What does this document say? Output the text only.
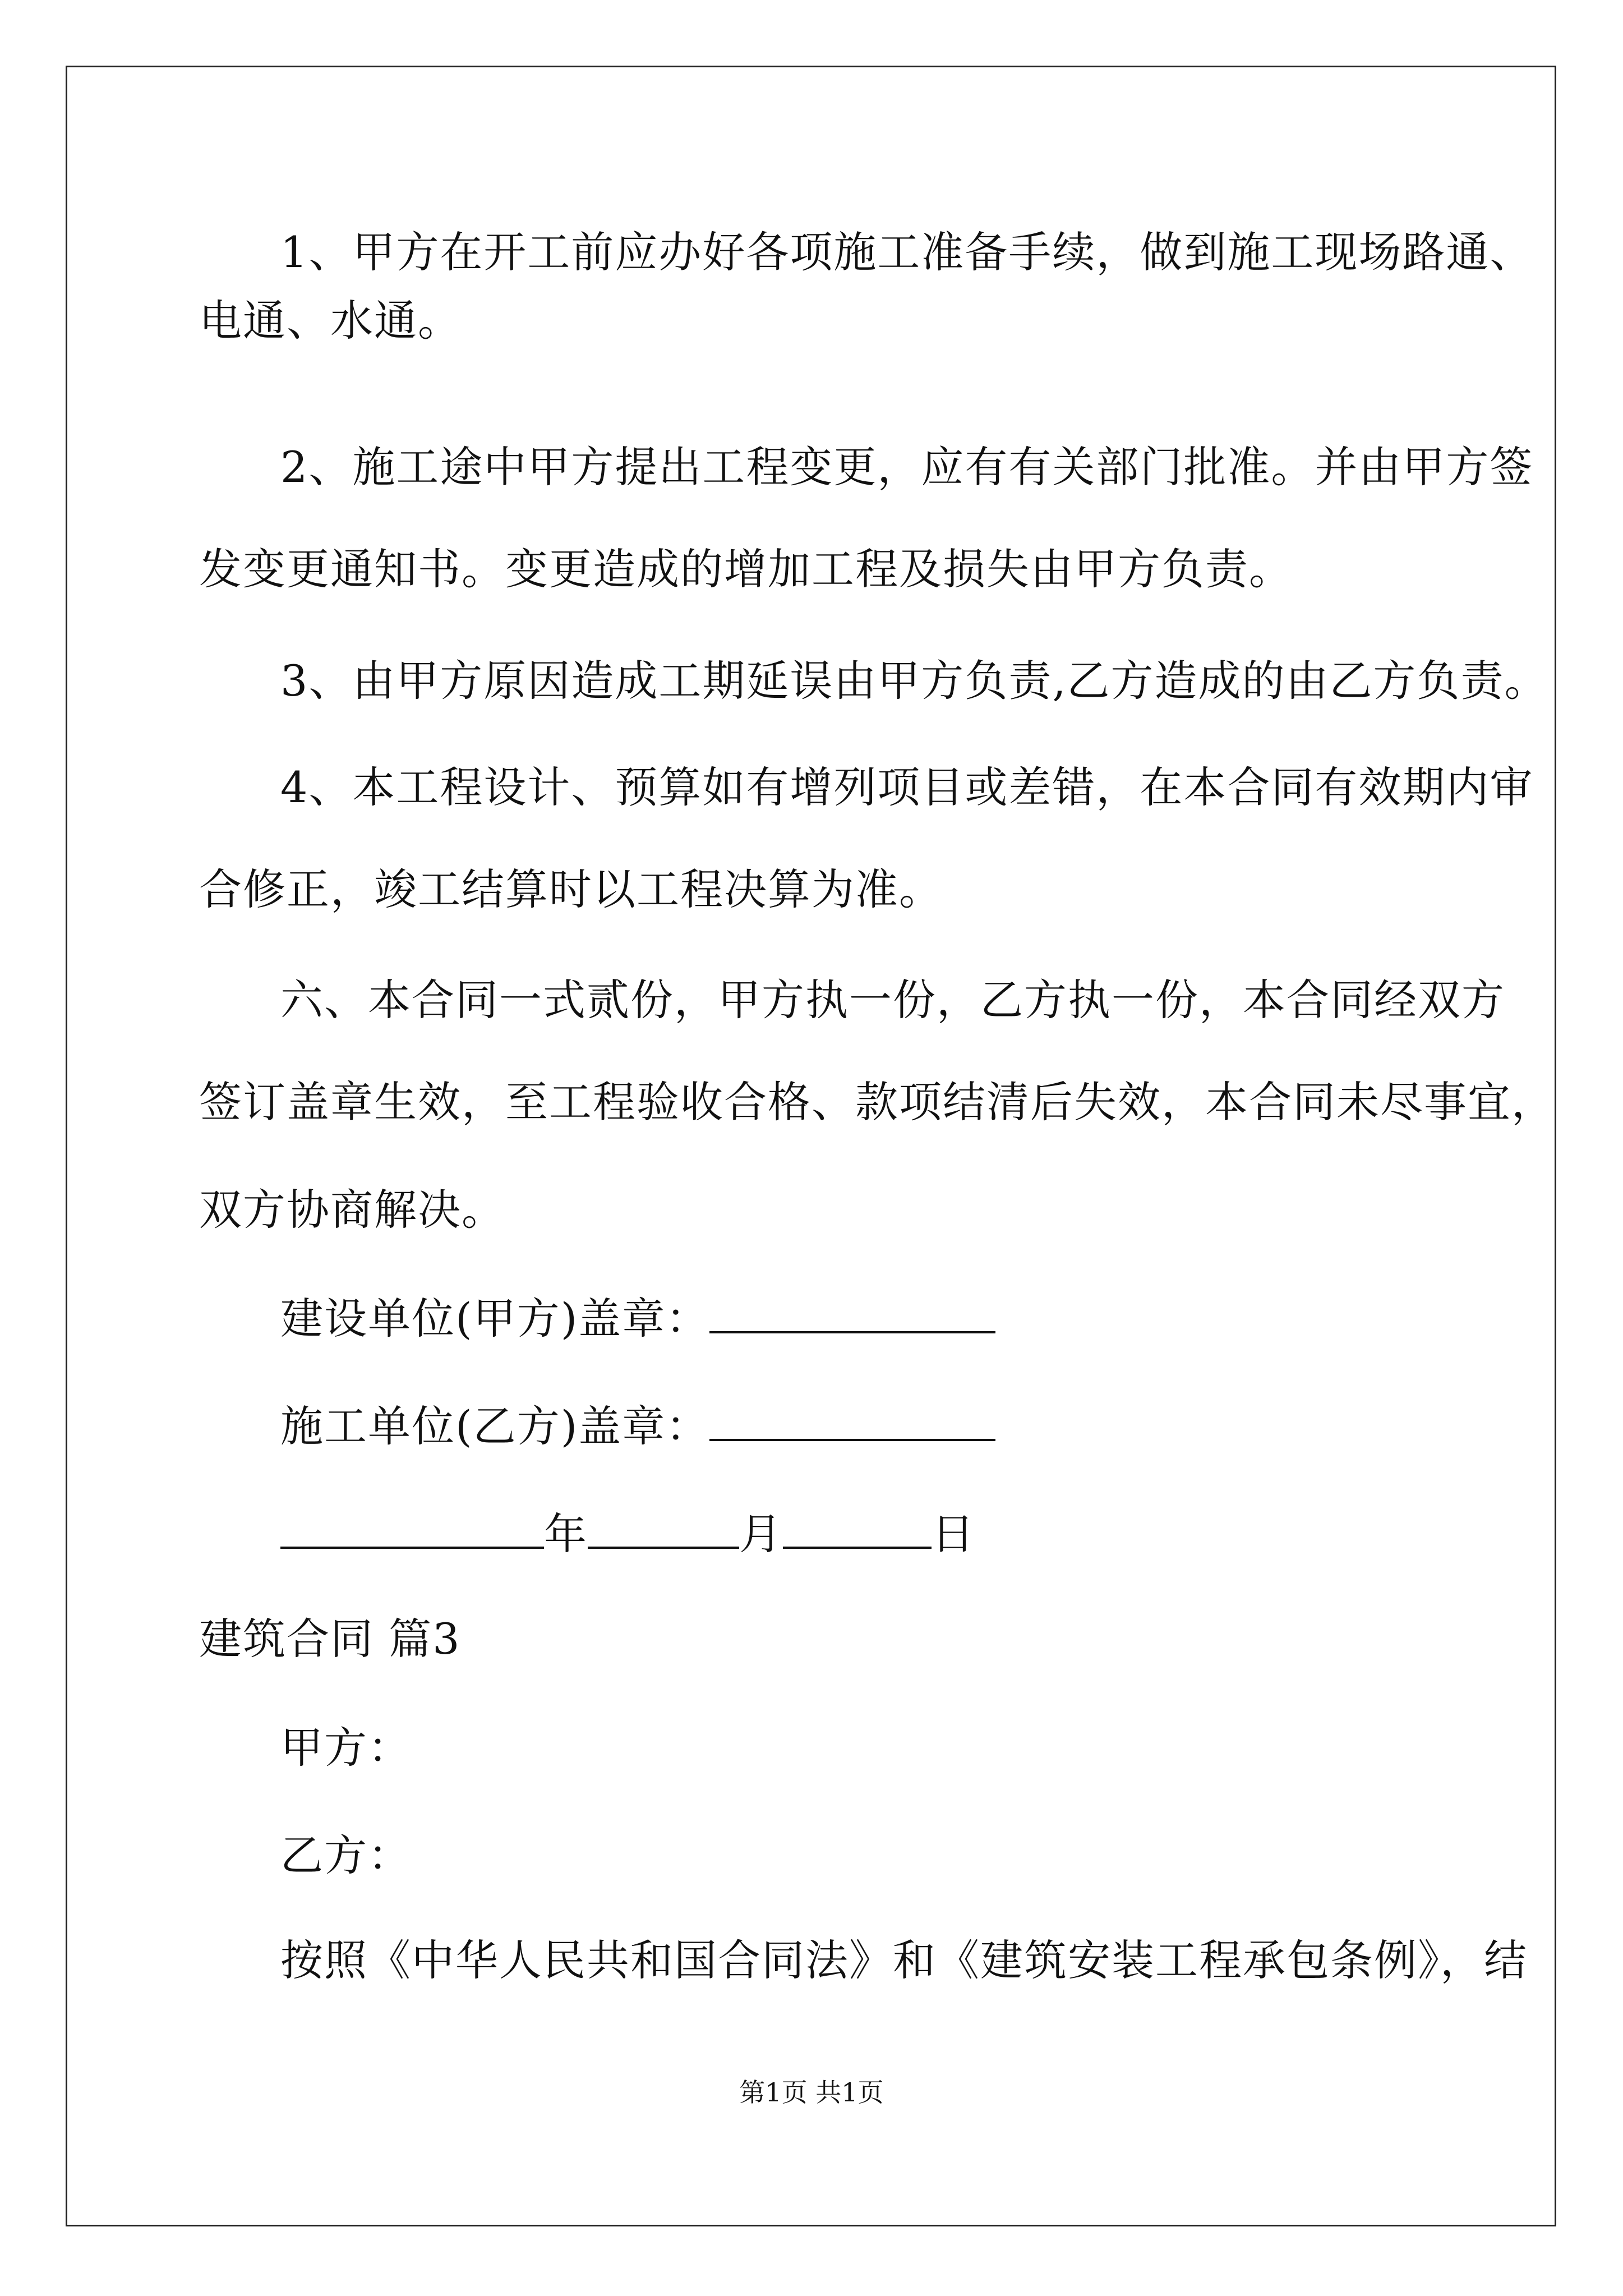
1、甲方在开工前应办好各项施工准备手续，做到施工现场路通、
电通、水通。
2、施工途中甲方提出工程变更，应有有关部门批准。并由甲方签
发变更通知书。变更造成的增加工程及损失由甲方负责。
3、由甲方原因造成工期延误由甲方负责,乙方造成的由乙方负责。
4、本工程设计、预算如有增列项目或差错，在本合同有效期内审
合修正，竣工结算时以工程决算为准。
六、本合同一式贰份，甲方执一份，乙方执一份，本合同经双方
签订盖章生效，至工程验收合格、款项结清后失效，本合同未尽事宜，
双方协商解决。
建设单位(甲方)盖章：
施工单位(乙方)盖章：
年	月	日
建筑合同 篇3
甲方：
乙方：
按照《中华人民共和国合同法》和《建筑安装工程承包条例》，结
第1页 共1页
